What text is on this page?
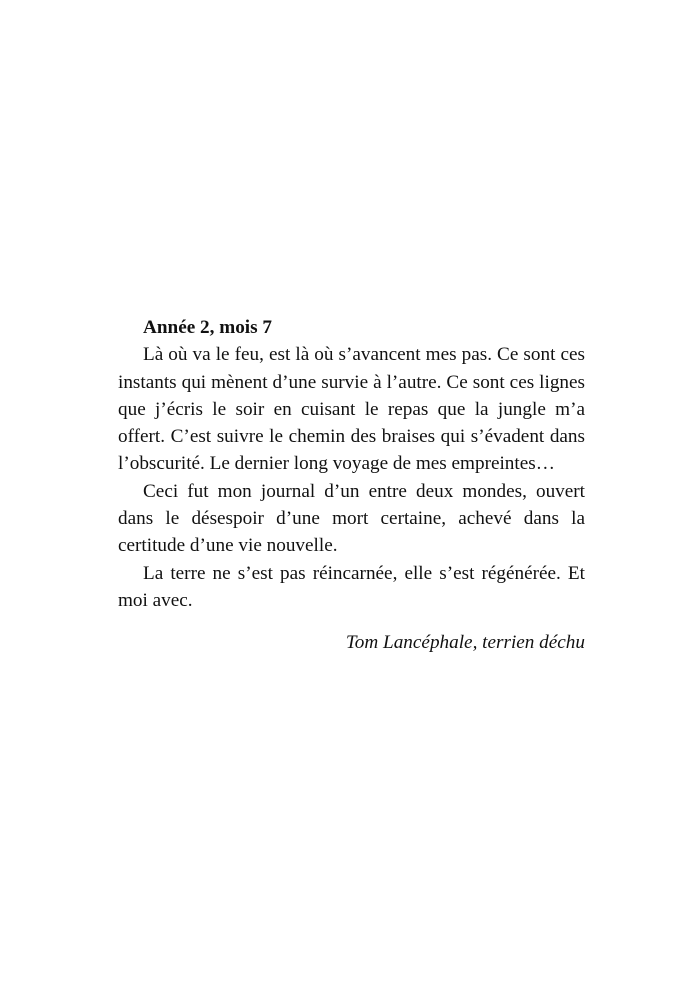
Année 2, mois 7

Là où va le feu, est là où s’avancent mes pas. Ce sont ces instants qui mènent d’une survie à l’autre. Ce sont ces lignes que j’écris le soir en cuisant le repas que la jungle m’a offert. C’est suivre le chemin des braises qui s’évadent dans l’obscurité. Le dernier long voyage de mes empreintes…

Ceci fut mon journal d’un entre deux mondes, ouvert dans le désespoir d’une mort certaine, achevé dans la certitude d’une vie nouvelle.

La terre ne s’est pas réincarnée, elle s’est régénérée. Et moi avec.

Tom Lancéphale, terrien déchu
